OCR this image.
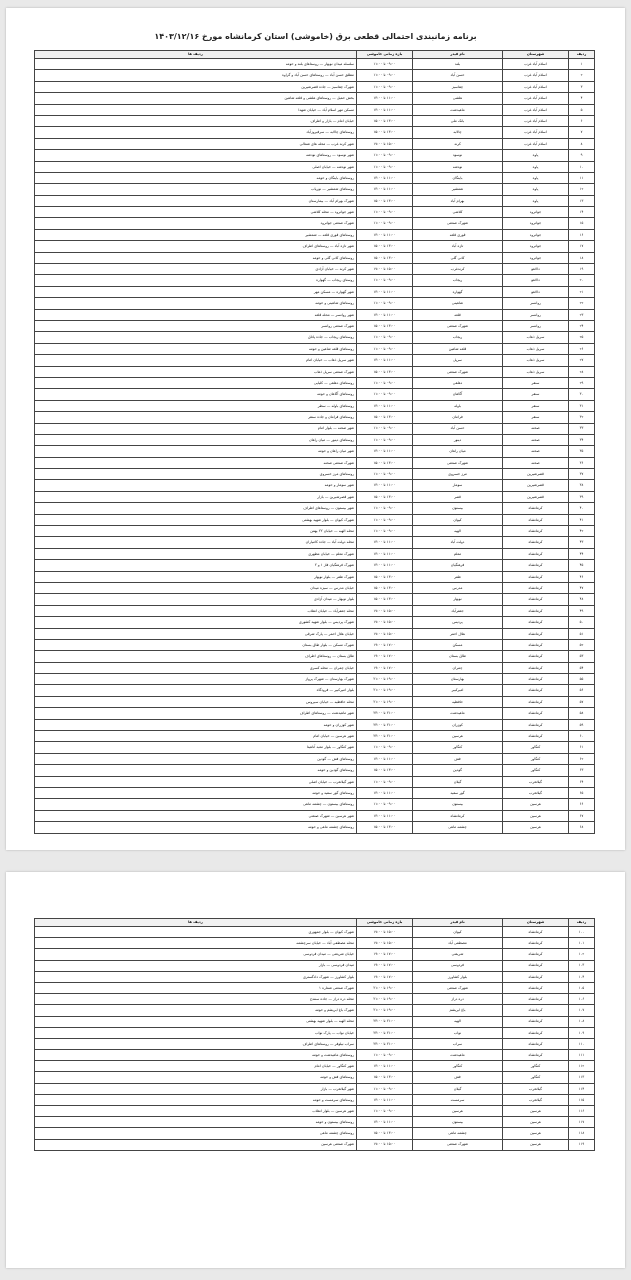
برنامه زمانبندی احتمالی قطعی برق (خاموشی) استان کرمانشاه مورخ ۱۴۰۳/۱۲/۱۶
ردیف	شهرستان	نام فیدر	بازه زمانی خاموشی	ردیف ها
۱	اسلام آباد غرب	بلند	۰۹:۰۰ تا ۱۱:۰۰	سلسله میدان نوبهار — روستاهای بلند و حومه
۲	اسلام آباد غرب	حسن آباد	۰۹:۰۰ تا ۱۱:۰۰	مطلق حسن آباد — روستاهای حسن آباد و گراوه
۳	اسلام آباد غرب	چقاسبز	۰۹:۰۰ تا ۱۱:۰۰	شهرک چقاسبز — جاده قصرشیرین
۴	اسلام آباد غرب	هلشی	۱۱:۰۰ تا ۱۳:۰۰	بخش حمیل — روستاهای هلشی و قلعه شاهین
۵	اسلام آباد غرب	ماهیدشت	۱۱:۰۰ تا ۱۳:۰۰	مسکن مهر اسلام آباد — خیابان شهدا
۶	اسلام آباد غرب	بانک ملی	۱۳:۰۰ تا ۱۵:۰۰	خیابان امام — بازار و اطراف
۷	اسلام آباد غرب	چالابه	۱۳:۰۰ تا ۱۵:۰۰	روستاهای چالابه — سرفیروزآباد
۸	اسلام آباد غرب	کرند	۱۵:۰۰ تا ۱۷:۰۰	شهر کرند غرب — محله های شمالی
۹	پاوه	نوسود	۰۹:۰۰ تا ۱۱:۰۰	شهر نوسود — روستاهای نودشه
۱۰	پاوه	نودشه	۰۹:۰۰ تا ۱۱:۰۰	شهر نودشه — خیابان اصلی
۱۱	پاوه	باینگان	۱۱:۰۰ تا ۱۳:۰۰	روستاهای باینگان و حومه
۱۲	پاوه	شمشیر	۱۱:۰۰ تا ۱۳:۰۰	روستاهای شمشیر — نوریاب
۱۳	پاوه	بهرام آباد	۱۳:۰۰ تا ۱۵:۰۰	شهرک بهرام آباد — بیمارستان
۱۴	جوانرود	کلاشی	۰۹:۰۰ تا ۱۱:۰۰	شهر جوانرود — محله کلاشی
۱۵	جوانرود	شهرک صنعتی	۰۹:۰۰ تا ۱۱:۰۰	شهرک صنعتی جوانرود
۱۶	جوانرود	قوری قلعه	۱۱:۰۰ تا ۱۳:۰۰	روستاهای قوری قلعه — شمشیر
۱۷	جوانرود	تازه آباد	۱۳:۰۰ تا ۱۵:۰۰	شهر تازه آباد — روستاهای اطراف
۱۸	جوانرود	کانی گلی	۱۳:۰۰ تا ۱۵:۰۰	روستاهای کانی گلی و حومه
۱۹	دالاهو	کرندغرب	۱۵:۰۰ تا ۱۷:۰۰	شهر کرند — خیابان آزادی
۲۰	دالاهو	ریجاب	۰۹:۰۰ تا ۱۱:۰۰	روستای ریجاب — گهواره
۲۱	دالاهو	گهواره	۱۱:۰۰ تا ۱۳:۰۰	شهر گهواره — مسکن مهر
۲۲	روانسر	شاهینی	۰۹:۰۰ تا ۱۱:۰۰	روستاهای شاهینی و حومه
۲۳	روانسر	قلعه	۱۱:۰۰ تا ۱۳:۰۰	شهر روانسر — محله قلعه
۲۴	روانسر	شهرک صنعتی	۱۳:۰۰ تا ۱۵:۰۰	شهرک صنعتی روانسر
۲۵	سرپل ذهاب	ریجاب	۰۹:۰۰ تا ۱۱:۰۰	روستاهای ریجاب — جاده پاتاق
۲۶	سرپل ذهاب	قلعه شاهین	۰۹:۰۰ تا ۱۱:۰۰	روستاهای قلعه شاهین و حومه
۲۷	سرپل ذهاب	سرپل	۱۱:۰۰ تا ۱۳:۰۰	شهر سرپل ذهاب — خیابان امام
۲۸	سرپل ذهاب	شهرک صنعتی	۱۳:۰۰ تا ۱۵:۰۰	شهرک صنعتی سرپل ذهاب
۲۹	سنقر	دهلقی	۰۹:۰۰ تا ۱۱:۰۰	روستاهای دهلقی — کلیایی
۳۰	سنقر	آگاهان	۰۹:۰۰ تا ۱۱:۰۰	روستاهای آگاهان و حومه
۳۱	سنقر	باوله	۱۱:۰۰ تا ۱۳:۰۰	روستاهای باوله — سطر
۳۲	سنقر	فرامان	۱۳:۰۰ تا ۱۵:۰۰	روستاهای فرامان و جاده سنقر
۳۳	صحنه	حسن آباد	۰۹:۰۰ تا ۱۱:۰۰	شهر صحنه — بلوار امام
۳۴	صحنه	دینور	۰۹:۰۰ تا ۱۱:۰۰	روستاهای دینور — میان راهان
۳۵	صحنه	میان راهان	۱۱:۰۰ تا ۱۳:۰۰	شهر میان راهان و حومه
۳۶	صحنه	شهرک صنعتی	۱۳:۰۰ تا ۱۵:۰۰	شهرک صنعتی صحنه
۳۷	قصرشیرین	مرز خسروی	۰۹:۰۰ تا ۱۱:۰۰	روستاهای مرز خسروی
۳۸	قصرشیرین	سومار	۱۱:۰۰ تا ۱۳:۰۰	شهر سومار و حومه
۳۹	قصرشیرین	قصر	۱۳:۰۰ تا ۱۵:۰۰	شهر قصرشیرین — بازار
۴۰	کرمانشاه	بیستون	۰۹:۰۰ تا ۱۱:۰۰	شهر بیستون — روستاهای اطراف
۴۱	کرمانشاه	کیوان	۰۹:۰۰ تا ۱۱:۰۰	شهرک کیوان — بلوار شهید بهشتی
۴۲	کرمانشاه	الهیه	۰۹:۰۰ تا ۱۱:۰۰	محله الهیه — خیابان ۲۲ بهمن
۴۳	کرمانشاه	دولت آباد	۱۱:۰۰ تا ۱۳:۰۰	محله دولت آباد — جاده کامیاران
۴۴	کرمانشاه	معلم	۱۱:۰۰ تا ۱۳:۰۰	شهرک معلم — خیابان مطهری
۴۵	کرمانشاه	فرهنگیان	۱۱:۰۰ تا ۱۳:۰۰	شهرک فرهنگیان فاز ۱ و ۲
۴۶	کرمانشاه	ظفر	۱۳:۰۰ تا ۱۵:۰۰	شهرک ظفر — بلوار نوبهار
۴۷	کرمانشاه	مدرس	۱۳:۰۰ تا ۱۵:۰۰	خیابان مدرس — سبزه میدان
۴۸	کرمانشاه	نوبهار	۱۳:۰۰ تا ۱۵:۰۰	بلوار نوبهار — میدان آزادی
۴۹	کرمانشاه	جعفرآباد	۱۵:۰۰ تا ۱۷:۰۰	محله جعفرآباد — خیابان انقلاب
۵۰	کرمانشاه	پردیس	۱۵:۰۰ تا ۱۷:۰۰	شهرک پردیس — بلوار شهید کشوری
۵۱	کرمانشاه	هلال احمر	۱۵:۰۰ تا ۱۷:۰۰	خیابان هلال احمر — پارک شرقی
۵۲	کرمانشاه	مسکن	۱۷:۰۰ تا ۱۹:۰۰	شهرک مسکن — بلوار طاق بستان
۵۳	کرمانشاه	طاق بستان	۱۷:۰۰ تا ۱۹:۰۰	طاق بستان — روستاهای اطراف
۵۴	کرمانشاه	چمران	۱۷:۰۰ تا ۱۹:۰۰	خیابان چمران — محله کسری
۵۵	کرمانشاه	بهارستان	۱۹:۰۰ تا ۲۱:۰۰	شهرک بهارستان — شهرک پرواز
۵۶	کرمانشاه	امیرکبیر	۱۹:۰۰ تا ۲۱:۰۰	بلوار امیرکبیر — فرودگاه
۵۷	کرمانشاه	حافظیه	۱۹:۰۰ تا ۲۱:۰۰	محله حافظیه — خیابان سیروس
۵۸	کرمانشاه	ماهیدشت	۲۱:۰۰ تا ۲۳:۰۰	شهر ماهیدشت — روستاهای اطراف
۵۹	کرمانشاه	کوزران	۲۱:۰۰ تا ۲۳:۰۰	شهر کوزران و حومه
۶۰	کرمانشاه	هرسین	۲۱:۰۰ تا ۲۳:۰۰	شهر هرسین — خیابان امام
۶۱	کنگاور	کنگاور	۰۹:۰۰ تا ۱۱:۰۰	شهر کنگاور — بلوار معبد آناهیتا
۶۲	کنگاور	فش	۱۱:۰۰ تا ۱۳:۰۰	روستاهای فش — گودین
۶۳	کنگاور	گودین	۱۳:۰۰ تا ۱۵:۰۰	روستاهای گودین و حومه
۶۴	گیلانغرب	گیلان	۰۹:۰۰ تا ۱۱:۰۰	شهر گیلانغرب — خیابان اصلی
۶۵	گیلانغرب	گور سفید	۱۱:۰۰ تا ۱۳:۰۰	روستاهای گور سفید و حومه
۶۶	هرسین	بیستون	۰۹:۰۰ تا ۱۱:۰۰	روستاهای بیستون — چشمه ماهی
۶۷	هرسین	کرمانشاه	۱۱:۰۰ تا ۱۳:۰۰	شهر هرسین — شهرک صنعتی
۶۸	هرسین	چشمه ماهی	۱۳:۰۰ تا ۱۵:۰۰	روستاهای چشمه ماهی و حومه
ردیف	شهرستان	نام فیدر	بازه زمانی خاموشی	ردیف ها
۱۰۰	کرمانشاه	کیوان	۱۵:۰۰ تا ۱۷:۰۰	شهرک کیوان — بلوار جمهوری
۱۰۱	کرمانشاه	مصطفی آباد	۱۵:۰۰ تا ۱۷:۰۰	محله مصطفی آباد — خیابان سرچشمه
۱۰۲	کرمانشاه	شریعتی	۱۷:۰۰ تا ۱۹:۰۰	خیابان شریعتی — میدان فردوسی
۱۰۳	کرمانشاه	فردوسی	۱۷:۰۰ تا ۱۹:۰۰	میدان فردوسی — بازار
۱۰۴	کرمانشاه	بلوار کشاورز	۱۷:۰۰ تا ۱۹:۰۰	بلوار کشاورز — شهرک دادگستری
۱۰۵	کرمانشاه	شهرک صنعتی	۱۹:۰۰ تا ۲۱:۰۰	شهرک صنعتی شماره ۱
۱۰۶	کرمانشاه	دره دراز	۱۹:۰۰ تا ۲۱:۰۰	محله دره دراز — جاده سنندج
۱۰۷	کرمانشاه	باغ ابریشم	۱۹:۰۰ تا ۲۱:۰۰	شهرک باغ ابریشم و حومه
۱۰۸	کرمانشاه	الهیه	۲۱:۰۰ تا ۲۳:۰۰	محله الهیه — بلوار شهید بهشتی
۱۰۹	کرمانشاه	نواب	۲۱:۰۰ تا ۲۳:۰۰	خیابان نواب — پارک نواب
۱۱۰	کرمانشاه	سراب	۲۱:۰۰ تا ۲۳:۰۰	سراب نیلوفر — روستاهای اطراف
۱۱۱	کرمانشاه	ماهیدشت	۰۹:۰۰ تا ۱۱:۰۰	روستاهای ماهیدشت و حومه
۱۱۲	کنگاور	کنگاور	۱۱:۰۰ تا ۱۳:۰۰	شهر کنگاور — خیابان امام
۱۱۳	کنگاور	فش	۱۳:۰۰ تا ۱۵:۰۰	روستاهای فش و حومه
۱۱۴	گیلانغرب	گیلان	۰۹:۰۰ تا ۱۱:۰۰	شهر گیلانغرب — بازار
۱۱۵	گیلانغرب	سرمست	۱۱:۰۰ تا ۱۳:۰۰	روستاهای سرمست و حومه
۱۱۶	هرسین	هرسین	۰۹:۰۰ تا ۱۱:۰۰	شهر هرسین — بلوار انقلاب
۱۱۷	هرسین	بیستون	۱۱:۰۰ تا ۱۳:۰۰	روستاهای بیستون و حومه
۱۱۸	هرسین	چشمه ماهی	۱۳:۰۰ تا ۱۵:۰۰	روستاهای چشمه ماهی
۱۱۹	هرسین	شهرک صنعتی	۱۵:۰۰ تا ۱۷:۰۰	شهرک صنعتی هرسین
